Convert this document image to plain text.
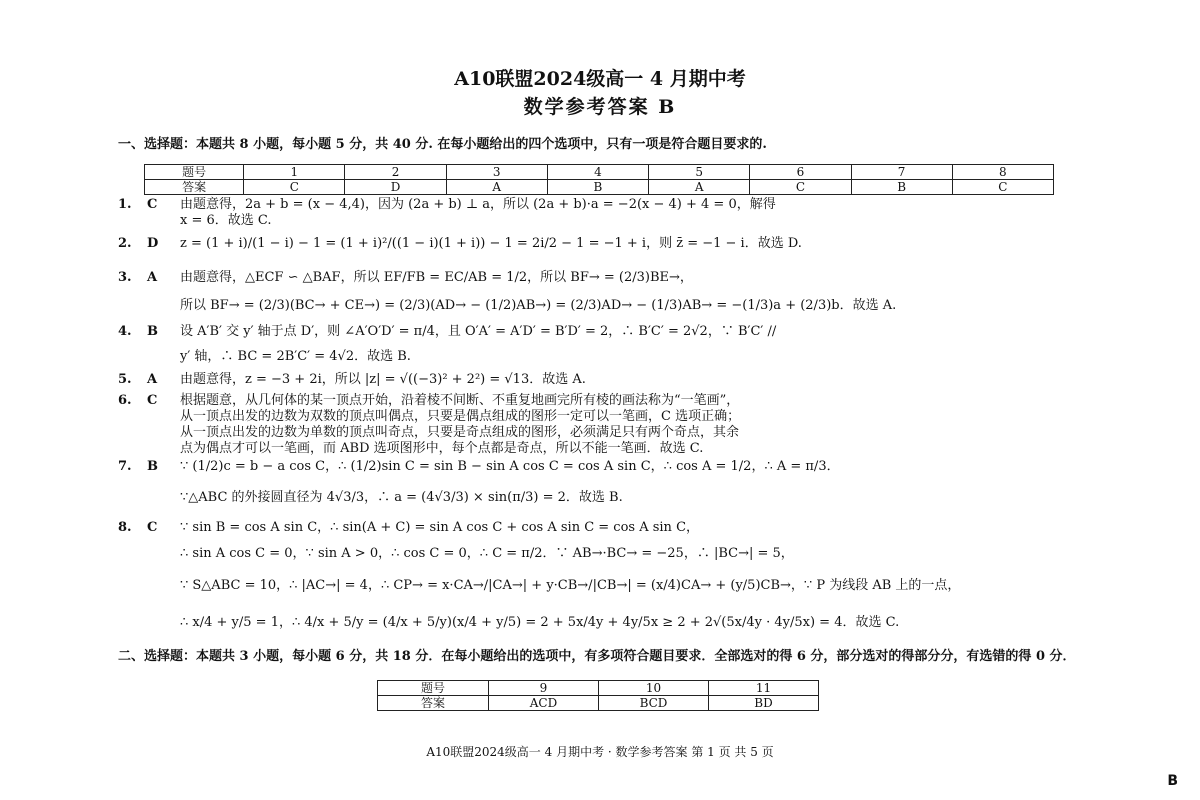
A10联盟2024级高一 4 月期中考
数学参考答案 B
一、选择题：本题共 8 小题，每小题 5 分，共 40 分. 在每小题给出的四个选项中，只有一项是符合题目要求的.
题号	1	2	3	4	5	6	7	8
答案	C	D	A	B	A	C	B	C
1. C 由题意得，2a + b = (x − 4,4)，因为 (2a + b) ⊥ a，所以 (2a + b)·a = −2(x − 4) + 4 = 0，解得
x = 6．故选 C.
2. D z = (1 + i)/(1 − i) − 1 = (1 + i)²/((1 − i)(1 + i)) − 1 = 2i/2 − 1 = −1 + i，则 z̄ = −1 − i．故选 D.
3. A 由题意得，△ECF ∽ △BAF，所以 EF/FB = EC/AB = 1/2，所以 BF→ = (2/3)BE→，
所以 BF→ = (2/3)(BC→ + CE→) = (2/3)(AD→ − (1/2)AB→) = (2/3)AD→ − (1/3)AB→ = −(1/3)a + (2/3)b．故选 A.
4. B 设 A′B′ 交 y′ 轴于点 D′，则 ∠A′O′D′ = π/4，且 O′A′ = A′D′ = B′D′ = 2，∴ B′C′ = 2√2，∵ B′C′ //
y′ 轴，∴ BC = 2B′C′ = 4√2．故选 B.
5. A 由题意得，z = −3 + 2i，所以 |z| = √((−3)² + 2²) = √13．故选 A.
6. C 根据题意，从几何体的某一顶点开始，沿着棱不间断、不重复地画完所有棱的画法称为“一笔画”，
从一顶点出发的边数为双数的顶点叫偶点，只要是偶点组成的图形一定可以一笔画，C 选项正确；
从一顶点出发的边数为单数的顶点叫奇点，只要是奇点组成的图形，必须满足只有两个奇点，其余
点为偶点才可以一笔画，而 ABD 选项图形中，每个点都是奇点，所以不能一笔画．故选 C.
7. B ∵ (1/2)c = b − a cos C，∴ (1/2)sin C = sin B − sin A cos C = cos A sin C，∴ cos A = 1/2，∴ A = π/3．
∵△ABC 的外接圆直径为 4√3/3，∴ a = (4√3/3) × sin(π/3) = 2．故选 B.
8. C ∵ sin B = cos A sin C，∴ sin(A + C) = sin A cos C + cos A sin C = cos A sin C，
∴ sin A cos C = 0，∵ sin A > 0，∴ cos C = 0，∴ C = π/2．∵ AB→·BC→ = −25，∴ |BC→| = 5，
∵ S△ABC = 10，∴ |AC→| = 4，∴ CP→ = x·CA→/|CA→| + y·CB→/|CB→| = (x/4)CA→ + (y/5)CB→，∵ P 为线段 AB 上的一点，
∴ x/4 + y/5 = 1，∴ 4/x + 5/y = (4/x + 5/y)(x/4 + y/5) = 2 + 5x/4y + 4y/5x ≥ 2 + 2√(5x/4y · 4y/5x) = 4．故选 C.
二、选择题：本题共 3 小题，每小题 6 分，共 18 分．在每小题给出的选项中，有多项符合题目要求．全部选对的得 6 分，部分选对的得部分分，有选错的得 0 分．
题号	9	10	11
答案	ACD	BCD	BD
A10联盟2024级高一 4 月期中考 · 数学参考答案 第 1 页 共 5 页
B
